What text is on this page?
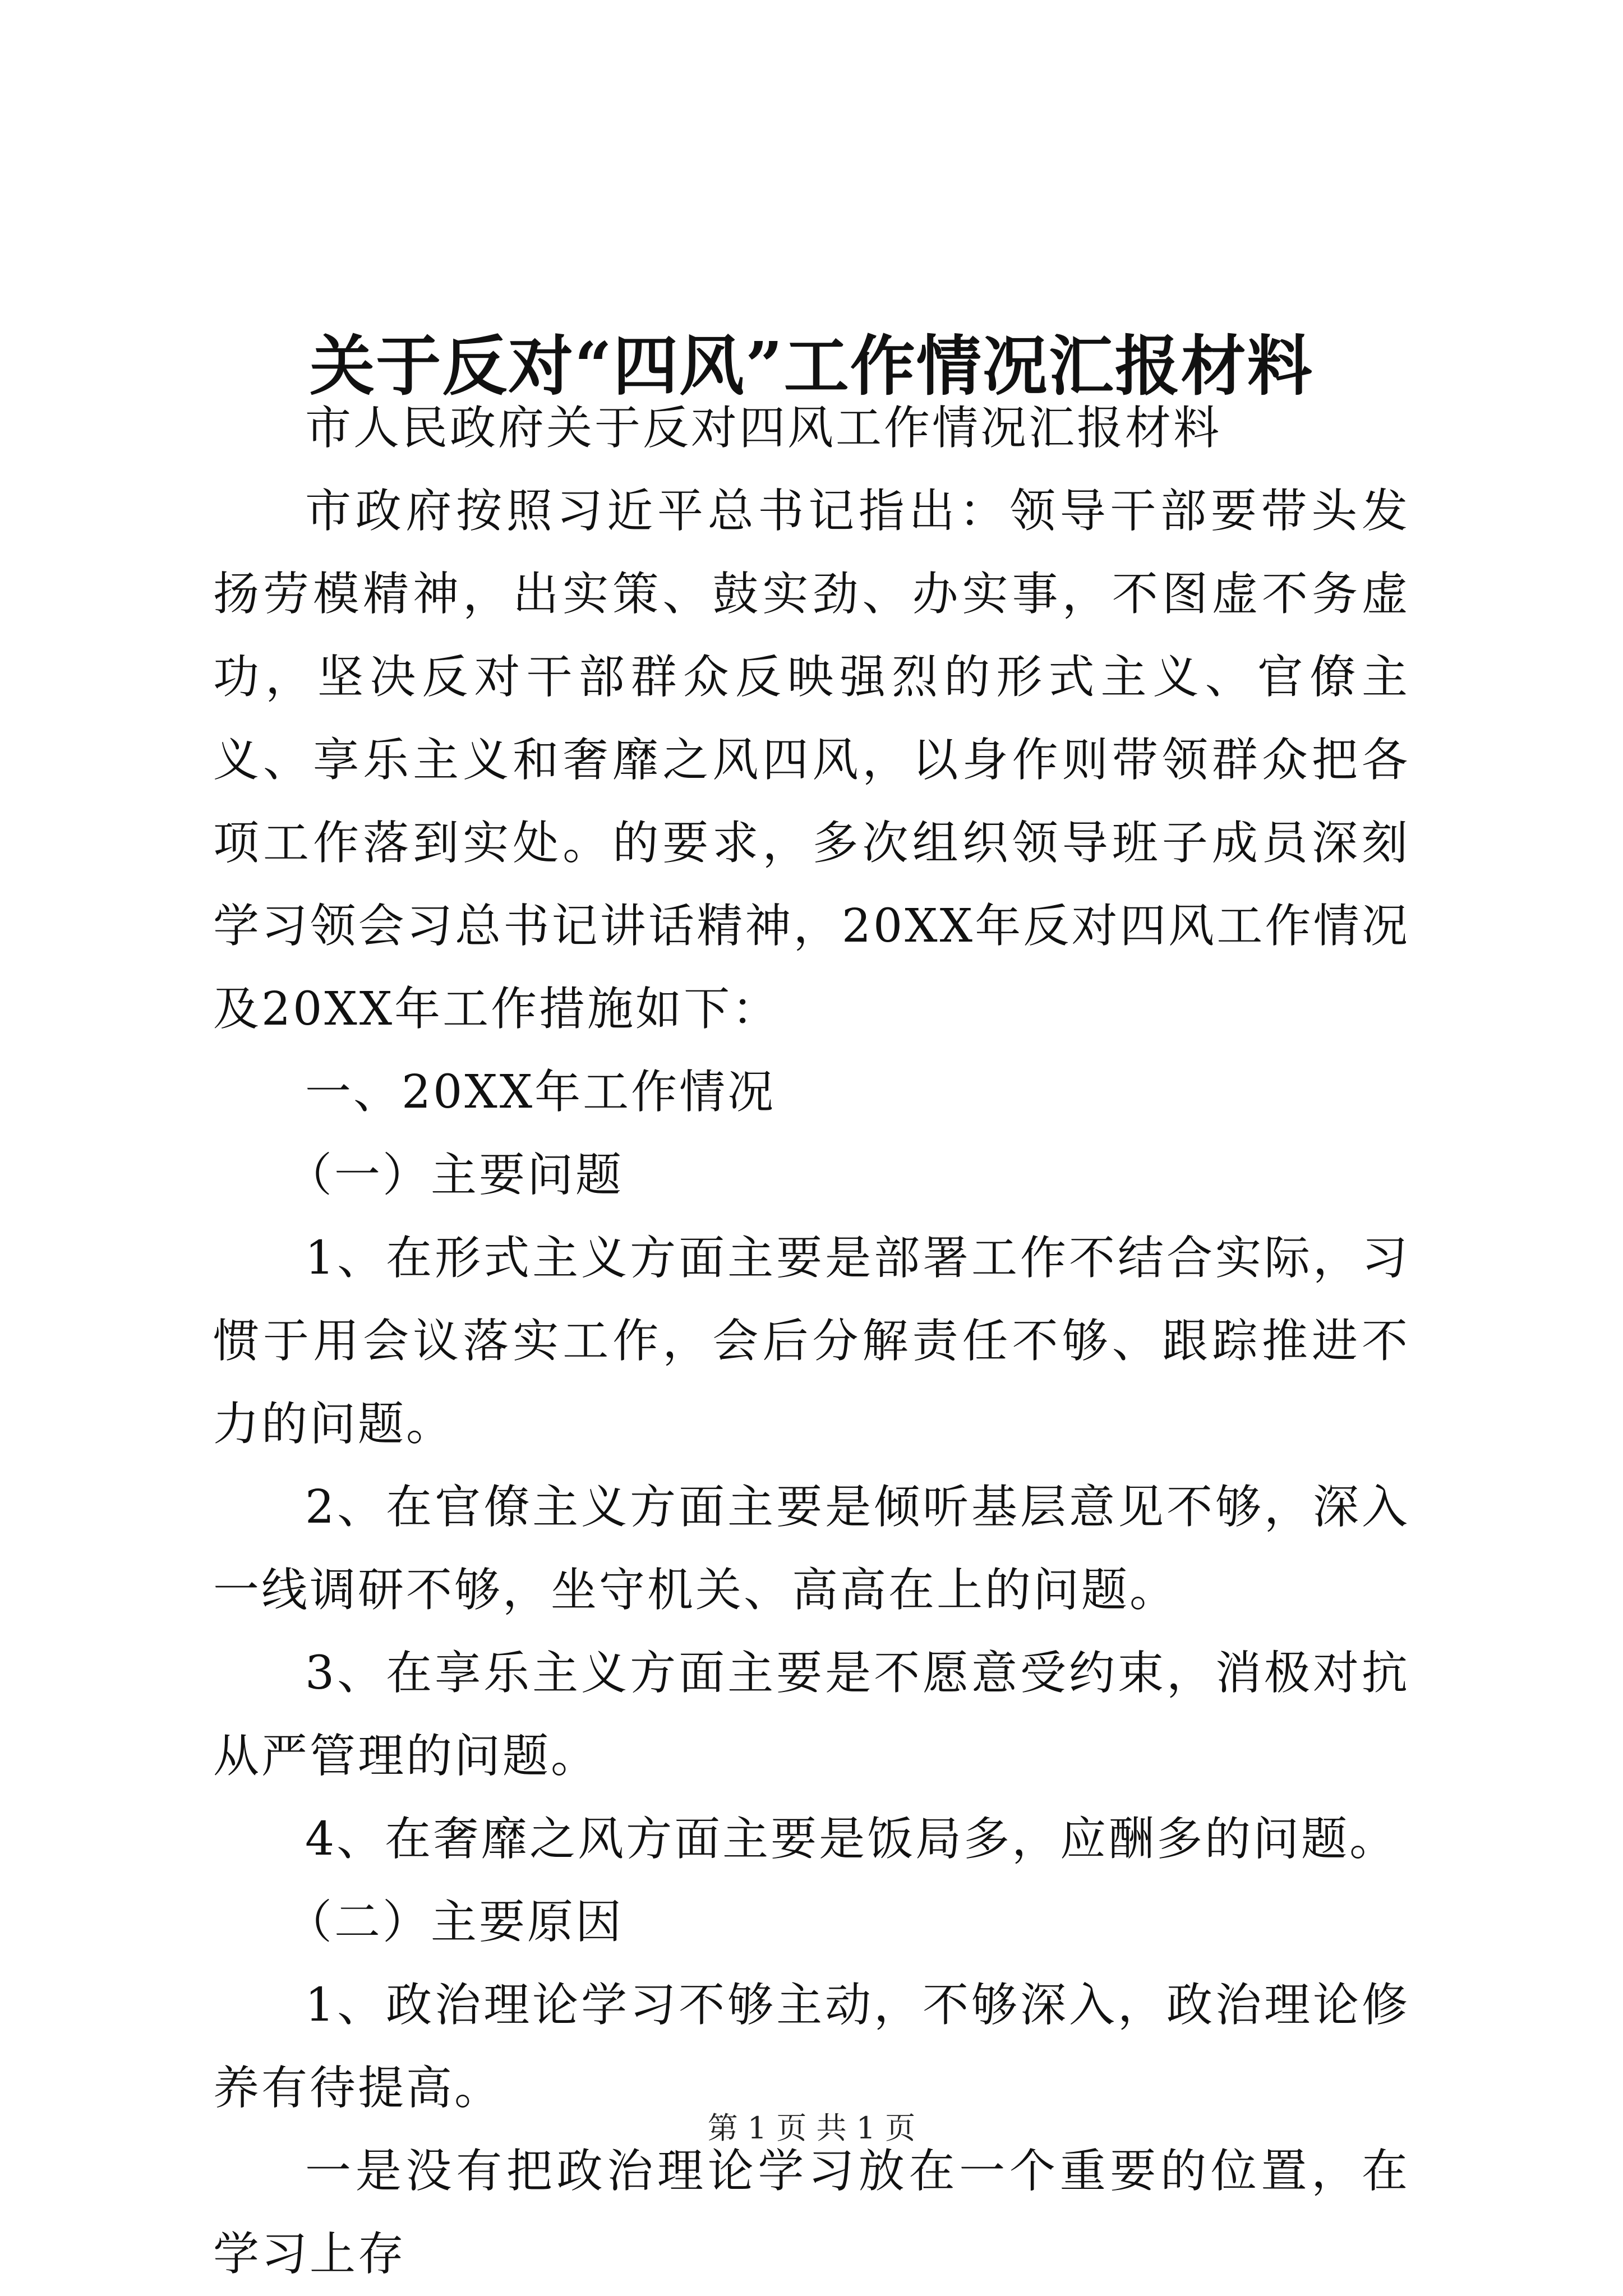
关于反对“四风”工作情况汇报材料

市人民政府关于反对四风工作情况汇报材料

市政府按照习近平总书记指出：领导干部要带头发扬劳模精神，出实策、鼓实劲、办实事，不图虚不务虚功，坚决反对干部群众反映强烈的形式主义、官僚主义、享乐主义和奢靡之风四风，以身作则带领群众把各项工作落到实处。的要求，多次组织领导班子成员深刻学习领会习总书记讲话精神，20XX年反对四风工作情况及20XX年工作措施如下：

一、20XX年工作情况

（一）主要问题

1、在形式主义方面主要是部署工作不结合实际，习惯于用会议落实工作，会后分解责任不够、跟踪推进不力的问题。

2、在官僚主义方面主要是倾听基层意见不够，深入一线调研不够，坐守机关、高高在上的问题。

3、在享乐主义方面主要是不愿意受约束，消极对抗从严管理的问题。

4、在奢靡之风方面主要是饭局多，应酬多的问题。

（二）主要原因

1、政治理论学习不够主动，不够深入，政治理论修养有待提高。

一是没有把政治理论学习放在一个重要的位置，在学习上存

第 1 页 共 1 页
